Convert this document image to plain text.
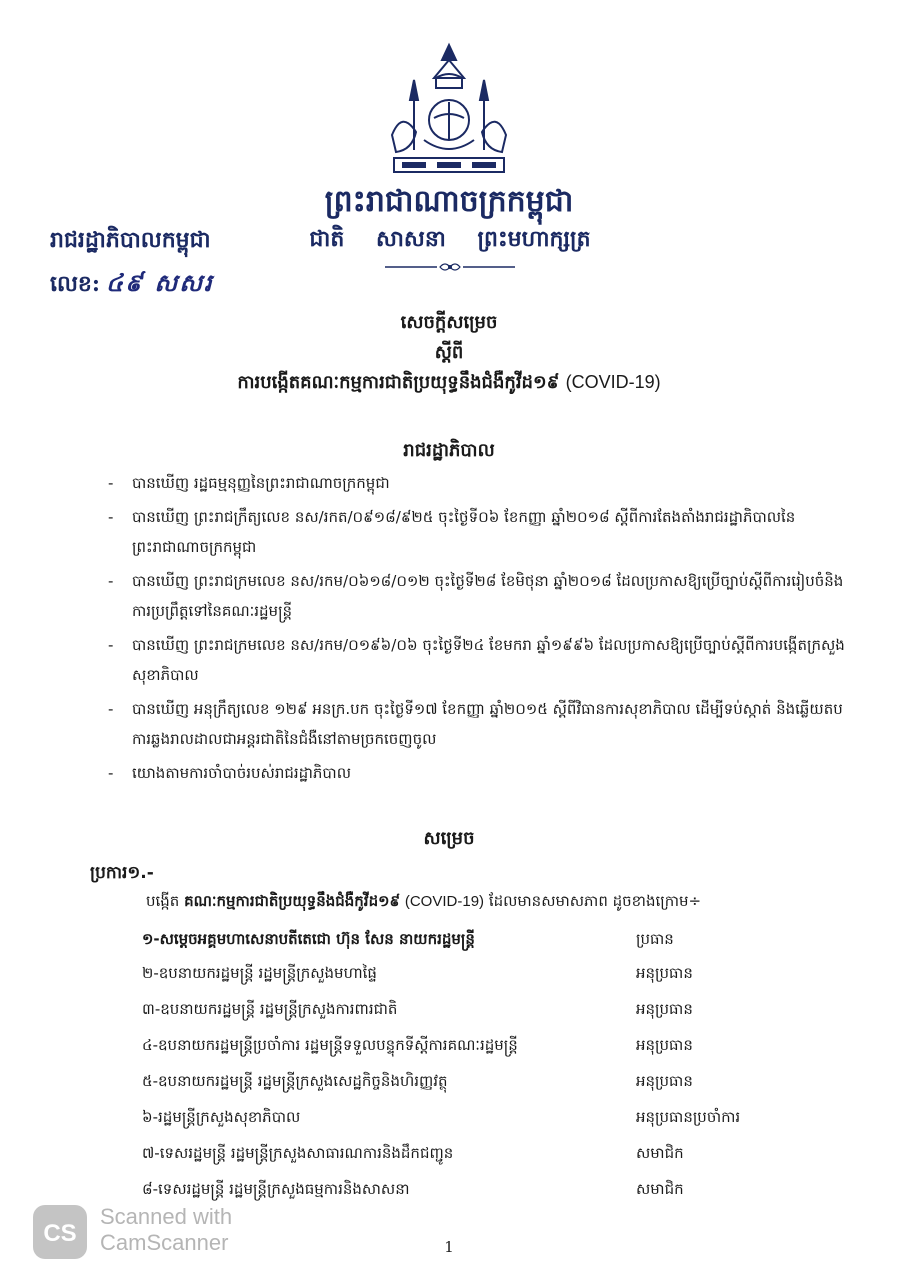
ព្រះរាជាណាចក្រកម្ពុជា
រាជរដ្ឋាភិបាលកម្ពុជា	ជាតិ សាសនា ព្រះមហាក្សត្រ
លេខ: ៤៩ សសរ
សេចក្តីសម្រេច
ស្តីពី
ការបង្កើតគណៈកម្មការជាតិប្រយុទ្ធនឹងជំងឺកូវីដ១៩ (COVID-19)
រាជរដ្ឋាភិបាល
- បានឃើញ រដ្ឋធម្មនុញ្ញនៃព្រះរាជាណាចក្រកម្ពុជា
- បានឃើញ ព្រះរាជក្រឹត្យលេខ នស/រកត/០៩១៨/៩២៥ ចុះថ្ងៃទី០៦ ខែកញ្ញា ឆ្នាំ២០១៨ ស្តីពីការតែងតាំងរាជរដ្ឋាភិបាលនៃព្រះរាជាណាចក្រកម្ពុជា
- បានឃើញ ព្រះរាជក្រមលេខ នស/រកម/០៦១៨/០១២ ចុះថ្ងៃទី២៨ ខែមិថុនា ឆ្នាំ២០១៨ ដែលប្រកាសឱ្យប្រើច្បាប់ស្តីពីការរៀបចំនិងការប្រព្រឹត្តទៅនៃគណៈរដ្ឋមន្ត្រី
- បានឃើញ ព្រះរាជក្រមលេខ នស/រកម/០១៩៦/០៦ ចុះថ្ងៃទី២៤ ខែមករា ឆ្នាំ១៩៩៦ ដែលប្រកាសឱ្យប្រើច្បាប់ស្តីពីការបង្កើតក្រសួងសុខាភិបាល
- បានឃើញ អនុក្រឹត្យលេខ ១២៩ អនក្រ.បក ចុះថ្ងៃទី១៧ ខែកញ្ញា ឆ្នាំ២០១៥ ស្តីពីវិធានការសុខាភិបាល ដើម្បីទប់ស្កាត់ និងឆ្លើយតបការឆ្លងរាលដាលជាអន្តរជាតិនៃជំងឺនៅតាមច្រកចេញចូល
- យោងតាមការចាំបាច់របស់រាជរដ្ឋាភិបាល
សម្រេច
ប្រការ១.-
បង្កើត គណៈកម្មការជាតិប្រយុទ្ធនឹងជំងឺកូវីដ១៩ (COVID-19) ដែលមានសមាសភាព ដូចខាងក្រោម÷
១-សម្តេចអគ្គមហាសេនាបតីតេជោ ហ៊ុន សែន នាយករដ្ឋមន្ត្រី	ប្រធាន
២-ឧបនាយករដ្ឋមន្ត្រី រដ្ឋមន្ត្រីក្រសួងមហាផ្ទៃ	អនុប្រធាន
៣-ឧបនាយករដ្ឋមន្ត្រី រដ្ឋមន្ត្រីក្រសួងការពារជាតិ	អនុប្រធាន
៤-ឧបនាយករដ្ឋមន្ត្រីប្រចាំការ រដ្ឋមន្ត្រីទទួលបន្ទុកទីស្តីការគណៈរដ្ឋមន្ត្រី	អនុប្រធាន
៥-ឧបនាយករដ្ឋមន្ត្រី រដ្ឋមន្ត្រីក្រសួងសេដ្ឋកិច្ចនិងហិរញ្ញវត្ថុ	អនុប្រធាន
៦-រដ្ឋមន្ត្រីក្រសួងសុខាភិបាល	អនុប្រធានប្រចាំការ
៧-ទេសរដ្ឋមន្ត្រី រដ្ឋមន្ត្រីក្រសួងសាធារណការនិងដឹកជញ្ជូន	សមាជិក
៨-ទេសរដ្ឋមន្ត្រី រដ្ឋមន្ត្រីក្រសួងធម្មការនិងសាសនា	សមាជិក
CS
Scanned with
CamScanner	1
